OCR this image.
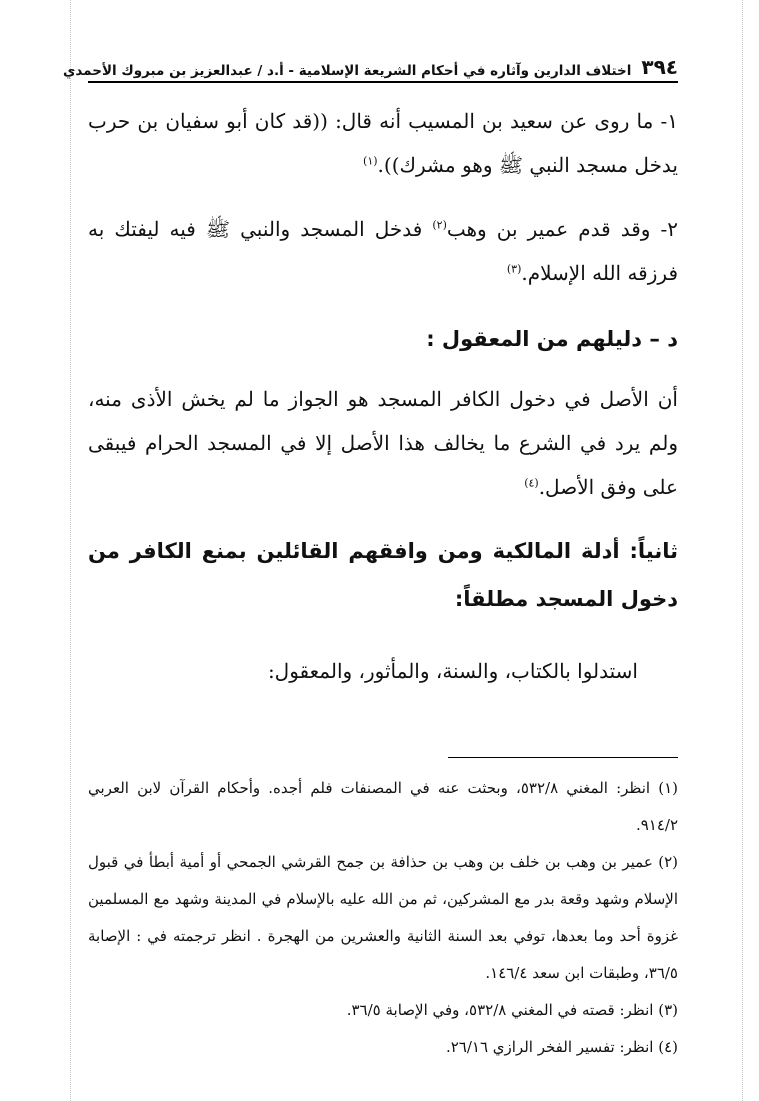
٣٩٤
اختلاف الدارين وآثاره في أحكام الشريعة الإسلامية - أ.د / عبدالعزيز بن مبروك الأحمدي

١- ما روى عن سعيد بن المسيب أنه قال: ((قد كان أبو سفيان بن حرب يدخل مسجد النبي ﷺ وهو مشرك)).$^{(١)}$

٢- وقد قدم عمير بن وهب$^{(٢)}$ فدخل المسجد والنبي ﷺ فيه ليفتك به فرزقه الله الإسلام.$^{(٣)}$

د – دليلهم من المعقول :

أن الأصل في دخول الكافر المسجد هو الجواز ما لم يخش الأذى منه، ولم يرد في الشرع ما يخالف هذا الأصل إلا في المسجد الحرام فيبقى على وفق الأصل.$^{(٤)}$

ثانياً: أدلة المالكية ومن وافقهم القائلين بمنع الكافر من دخول المسجد مطلقاً:

استدلوا بالكتاب، والسنة، والمأثور، والمعقول:

(١) انظر: المغني ٥٣٢/٨، وبحثت عنه في المصنفات فلم أجده. وأحكام القرآن لابن العربي ٩١٤/٢.

(٢) عمير بن وهب بن خلف بن وهب بن حذافة بن جمح القرشي الجمحي أو أمية أبطأ في قبول الإسلام وشهد وقعة بدر مع المشركين، ثم من الله عليه بالإسلام في المدينة وشهد مع المسلمين غزوة أحد وما بعدها، توفي بعد السنة الثانية والعشرين من الهجرة . انظر ترجمته في : الإصابة ٣٦/٥، وطبقات ابن سعد ١٤٦/٤.

(٣) انظر: قصته في المغني ٥٣٢/٨، وفي الإصابة ٣٦/٥.

(٤) انظر: تفسير الفخر الرازي ٢٦/١٦.
